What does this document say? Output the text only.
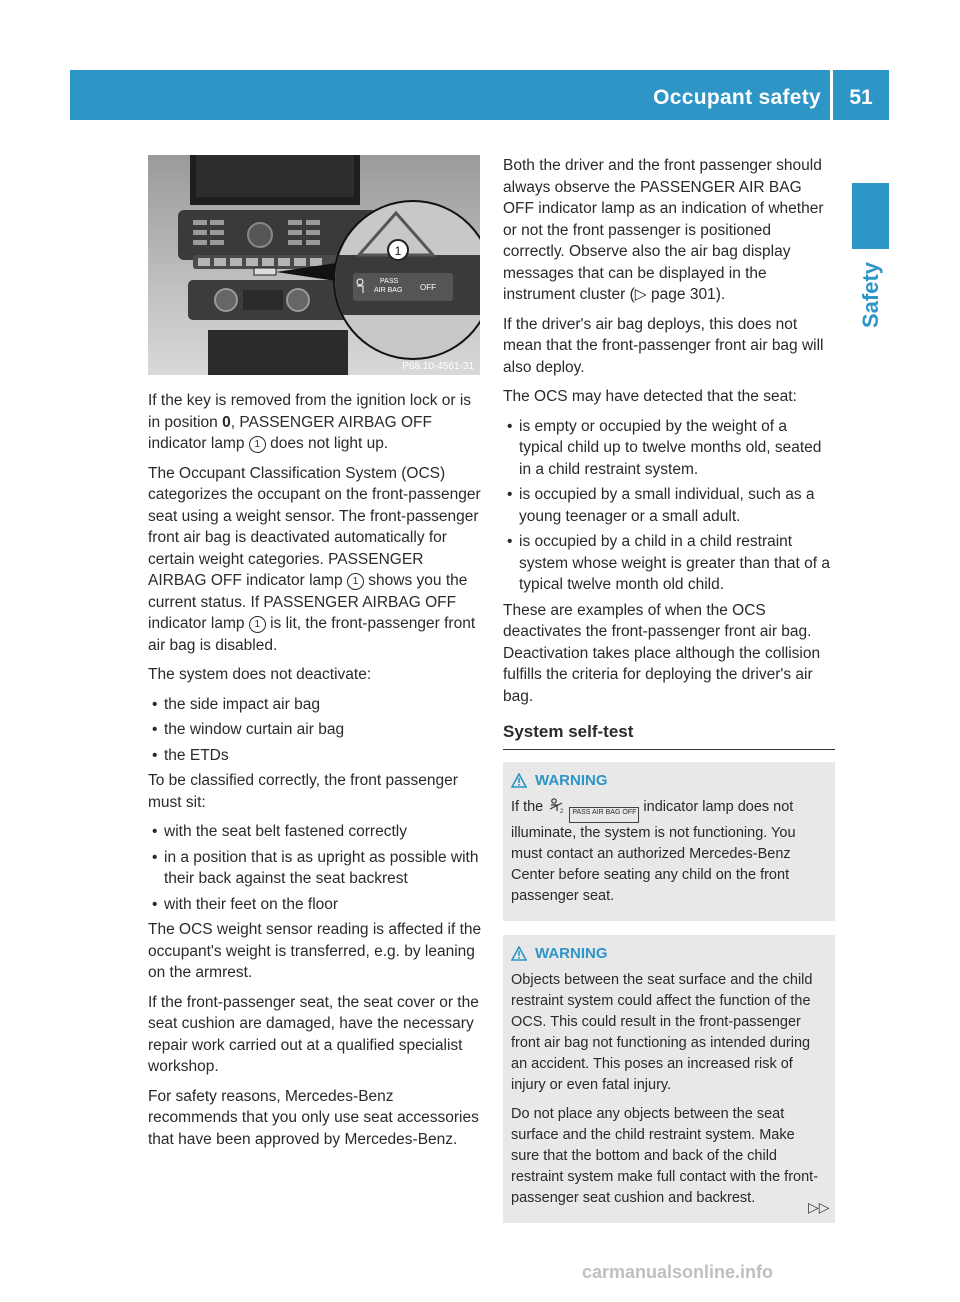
Occupant safety	51
Safety
1
PASS
AIR BAG OFF
P68.10-4561-31

If the key is removed from the ignition lock or is in position 0, PASSENGER AIRBAG OFF indicator lamp 1 does not light up.

The Occupant Classification System (OCS) categorizes the occupant on the front-passenger seat using a weight sensor. The front-passenger front air bag is deactivated automatically for certain weight categories. PASSENGER AIRBAG OFF indicator lamp 1 shows you the current status. If PASSENGER AIRBAG OFF indicator lamp 1 is lit, the front-passenger front air bag is disabled.

The system does not deactivate:

• the side impact air bag
• the window curtain air bag
• the ETDs

To be classified correctly, the front passenger must sit:

• with the seat belt fastened correctly
• in a position that is as upright as possible with their back against the seat backrest
• with their feet on the floor

The OCS weight sensor reading is affected if the occupant's weight is transferred, e.g. by leaning on the armrest.

If the front-passenger seat, the seat cover or the seat cushion are damaged, have the necessary repair work carried out at a qualified specialist workshop.

For safety reasons, Mercedes-Benz recommends that you only use seat accessories that have been approved by Mercedes-Benz.

Both the driver and the front passenger should always observe the PASSENGER AIR BAG OFF indicator lamp as an indication of whether or not the front passenger is positioned correctly. Observe also the air bag display messages that can be displayed in the instrument cluster (▷ page 301).

If the driver's air bag deploys, this does not mean that the front-passenger front air bag will also deploy.

The OCS may have detected that the seat:

• is empty or occupied by the weight of a typical child up to twelve months old, seated in a child restraint system.
• is occupied by a small individual, such as a young teenager or a small adult.
• is occupied by a child in a child restraint system whose weight is greater than that of a typical twelve month old child.

These are examples of when the OCS deactivates the front-passenger front air bag. Deactivation takes place although the collision fulfills the criteria for deploying the driver's air bag.

System self-test
WARNING

If the	2 PASS AIR BAG OFF indicator lamp does not illuminate, the system is not functioning. You must contact an authorized Mercedes-Benz Center before seating any child on the front passenger seat.

WARNING

Objects between the seat surface and the child restraint system could affect the function of the OCS. This could result in the front-passenger front air bag not functioning as intended during an accident. This poses an increased risk of injury or even fatal injury.

Do not place any objects between the seat surface and the child restraint system. Make sure that the bottom and back of the child restraint system make full contact with the front-passenger seat cushion and backrest.

▷▷
carmanualsonline.info
